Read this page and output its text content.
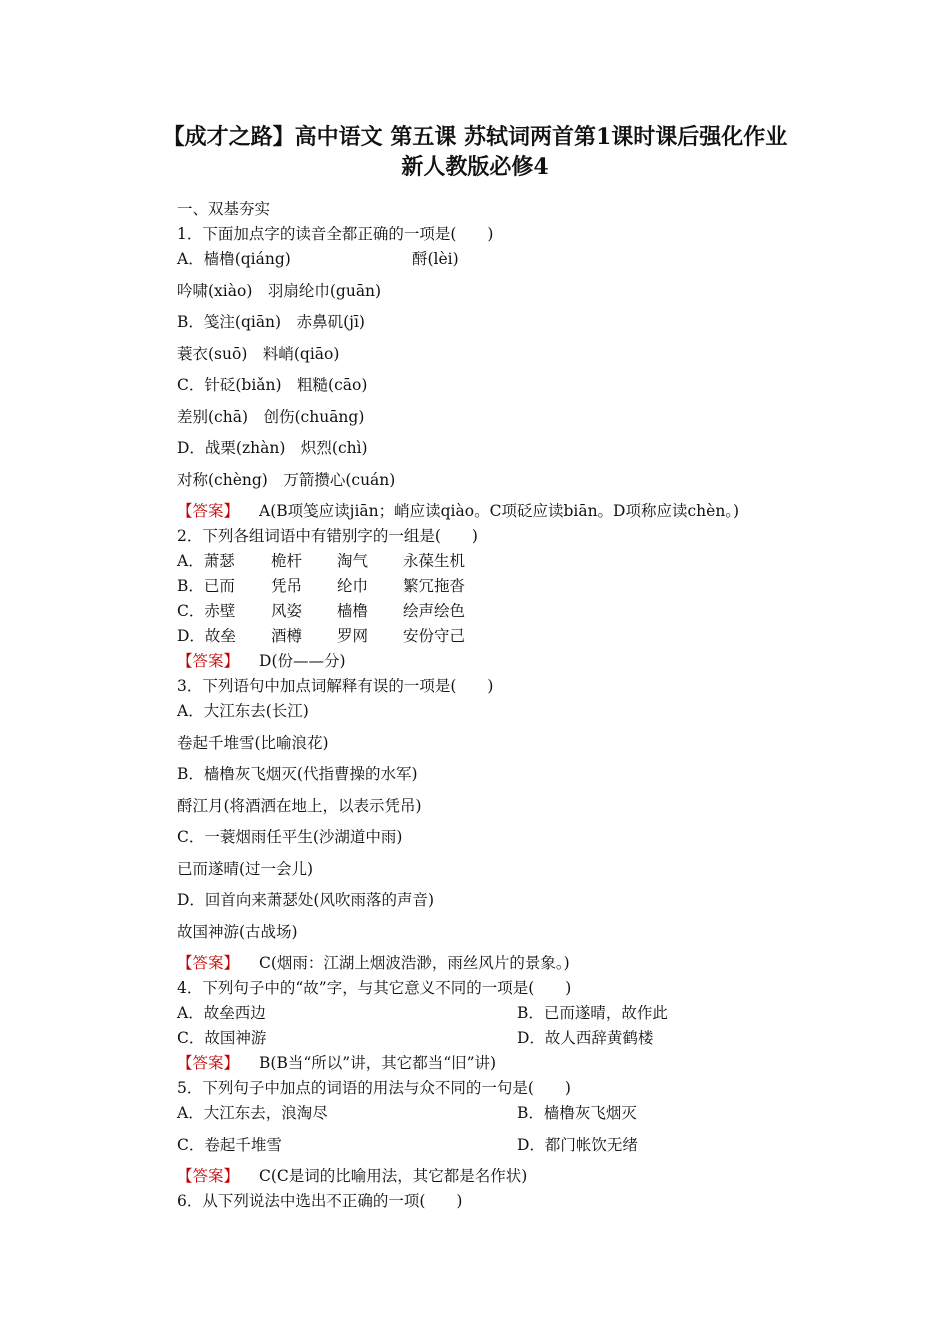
【成才之路】高中语文 第五课 苏轼词两首第1课时课后强化作业
新人教版必修4
一、双基夯实
1．下面加点字的读音全都正确的一项是(　　)
A．樯橹(qiáng)	酹(lèi)
吟啸(xiào)　羽扇纶巾(guān)
B．笺注(qiān)　赤鼻矶(jī)
蓑衣(suō)　料峭(qiāo)
C．针砭(biǎn)　粗糙(cāo)
差别(chā)　创伤(chuāng)
D．战栗(zhàn)　炽烈(chì)
对称(chèng)　万箭攒心(cuán)
【答案】 A(B项笺应读jiān；峭应读qiào。C项砭应读biān。D项称应读chèn。)
2．下列各组词语中有错别字的一组是(　　)
A．萧瑟 桅杆 淘气 永葆生机
B．已而 凭吊 纶巾 繁冗拖沓
C．赤壁 风姿 樯橹 绘声绘色
D．故垒 酒樽 罗网 安份守己
【答案】 D(份——分)
3．下列语句中加点词解释有误的一项是(　　)
A．大江东去(长江)
卷起千堆雪(比喻浪花)
B．樯橹灰飞烟灭(代指曹操的水军)
酹江月(将酒洒在地上，以表示凭吊)
C．一蓑烟雨任平生(沙湖道中雨)
已而遂晴(过一会儿)
D．回首向来萧瑟处(风吹雨落的声音)
故国神游(古战场)
【答案】 C(烟雨：江湖上烟波浩渺，雨丝风片的景象。)
4．下列句子中的“故”字，与其它意义不同的一项是(　　)
A．故垒西边	B．已而遂晴，故作此
C．故国神游	D．故人西辞黄鹤楼
【答案】 B(B当“所以”讲，其它都当“旧”讲)
5．下列句子中加点的词语的用法与众不同的一句是(　　)
A．大江东去，浪淘尽	B．樯橹灰飞烟灭
C．卷起千堆雪	D．都门帐饮无绪
【答案】 C(C是词的比喻用法，其它都是名作状)
6．从下列说法中选出不正确的一项(　　)
